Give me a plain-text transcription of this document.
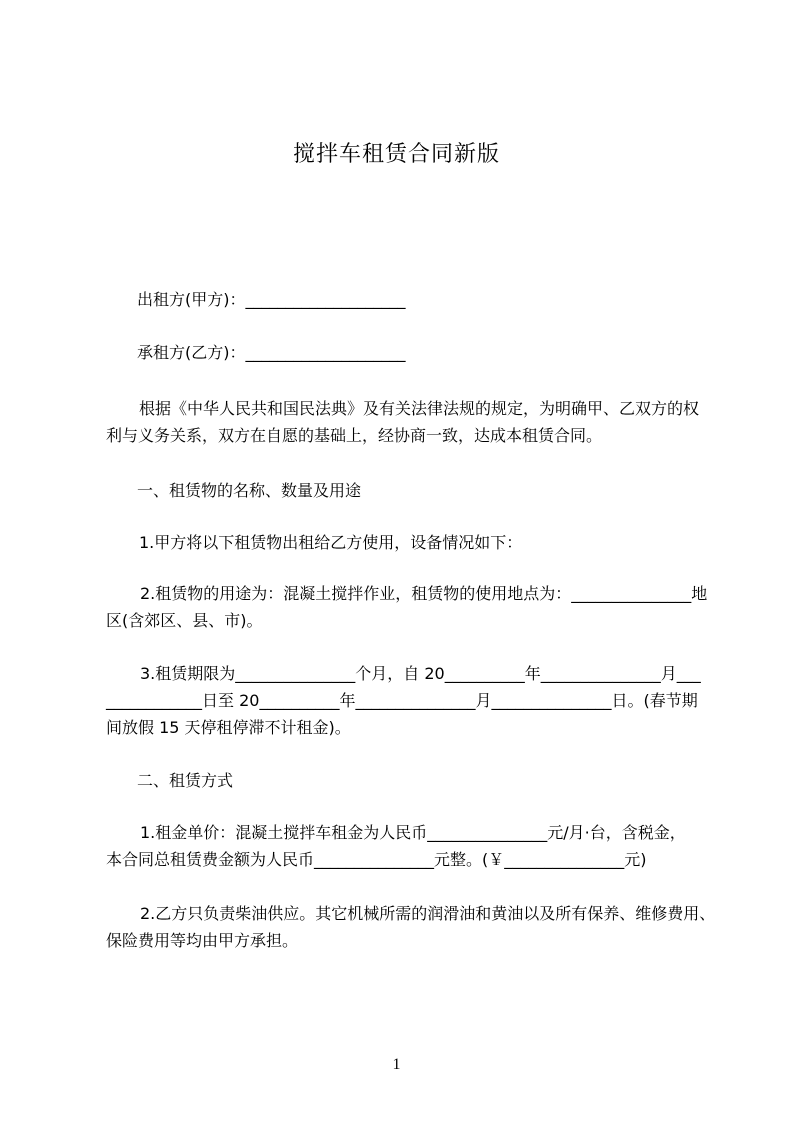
搅拌车租赁合同新版

出租方(甲方)：____________________

承租方(乙方)：____________________

根据《中华人民共和国民法典》及有关法律法规的规定，为明确甲、乙双方的权

利与义务关系，双方在自愿的基础上，经协商一致，达成本租赁合同。

一、租赁物的名称、数量及用途

1.甲方将以下租赁物出租给乙方使用，设备情况如下：

2.租赁物的用途为：混凝土搅拌作业，租赁物的使用地点为：_______________地

区(含郊区、县、市)。

3.租赁期限为_______________个月，自 20__________年_______________月___

____________日至 20__________年_______________月_______________日。(春节期

间放假 15 天停租停滞不计租金)。

二、租赁方式

1.租金单价：混凝土搅拌车租金为人民币_______________元/月·台，含税金，

本合同总租赁费金额为人民币_______________元整。(￥_______________元)

2.乙方只负责柴油供应。其它机械所需的润滑油和黄油以及所有保养、维修费用、

保险费用等均由甲方承担。

1
